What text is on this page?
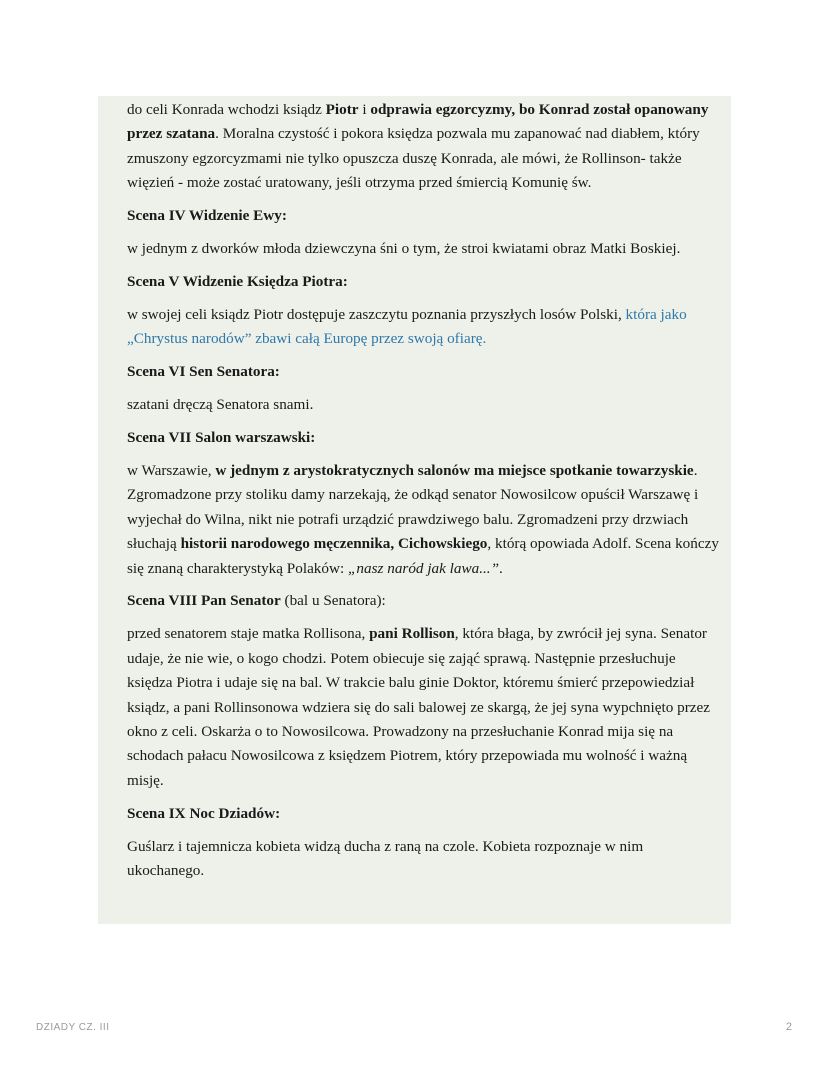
do celi Konrada wchodzi ksiądz Piotr i odprawia egzorcyzmy, bo Konrad został opanowany przez szatana. Moralna czystość i pokora księdza pozwala mu zapanować nad diabłem, który zmuszony egzorcyzmami nie tylko opuszcza duszę Konrada, ale mówi, że Rollinson- także więzień - może zostać uratowany, jeśli otrzyma przed śmiercią Komunię św.

Scena IV Widzenie Ewy:

w jednym z dworków młoda dziewczyna śni o tym, że stroi kwiatami obraz Matki Boskiej.

Scena V Widzenie Księdza Piotra:

w swojej celi ksiądz Piotr dostępuje zaszczytu poznania przyszłych losów Polski, która jako „Chrystus narodów” zbawi całą Europę przez swoją ofiarę.

Scena VI Sen Senatora:

szatani dręczą Senatora snami.

Scena VII Salon warszawski:

w Warszawie, w jednym z arystokratycznych salonów ma miejsce spotkanie towarzyskie. Zgromadzone przy stoliku damy narzekają, że odkąd senator Nowosilcow opuścił Warszawę i wyjechał do Wilna, nikt nie potrafi urządzić prawdziwego balu. Zgromadzeni przy drzwiach słuchają historii narodowego męczennika, Cichowskiego, którą opowiada Adolf. Scena kończy się znaną charakterystyką Polaków: „nasz naród jak lawa...”.

Scena VIII Pan Senator (bal u Senatora):

przed senatorem staje matka Rollisona, pani Rollison, która błaga, by zwrócił jej syna. Senator udaje, że nie wie, o kogo chodzi. Potem obiecuje się zająć sprawą. Następnie przesłuchuje księdza Piotra i udaje się na bal. W trakcie balu ginie Doktor, któremu śmierć przepowiedział ksiądz, a pani Rollinsonowa wdziera się do sali balowej ze skargą, że jej syna wypchnięto przez okno z celi. Oskarża o to Nowosilcowa. Prowadzony na przesłuchanie Konrad mija się na schodach pałacu Nowosilcowa z księdzem Piotrem, który przepowiada mu wolność i ważną misję.

Scena IX Noc Dziadów:

Guślarz i tajemnicza kobieta widzą ducha z raną na czole. Kobieta rozpoznaje w nim ukochanego.

DZIADY CZ. III	2
